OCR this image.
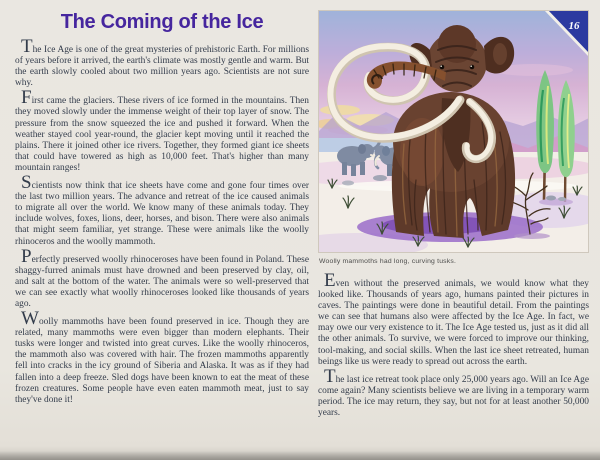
The Coming of the Ice

The Ice Age is one of the great mysteries of prehistoric Earth. For millions of years before it arrived, the earth's climate was mostly gentle and warm. But the earth slowly cooled about two million years ago. Scientists are not sure why.

First came the glaciers. These rivers of ice formed in the mountains. Then they moved slowly under the immense weight of their top layer of snow. The pressure from the snow squeezed the ice and pushed it forward. When the weather stayed cool year-round, the glacier kept moving until it reached the plains. There it joined other ice rivers. Together, they formed giant ice sheets that could have towered as high as 10,000 feet. That's higher than many mountain ranges!

Scientists now think that ice sheets have come and gone four times over the last two million years. The advance and retreat of the ice caused animals to migrate all over the world. We know many of these animals today. They include wolves, foxes, lions, deer, horses, and bison. There were also animals that might seem familiar, yet strange. These were animals like the woolly rhinoceros and the woolly mammoth.

Perfectly preserved woolly rhinoceroses have been found in Poland. These shaggy-furred animals must have drowned and been preserved by clay, oil, and salt at the bottom of the water. The animals were so well-preserved that we can see exactly what woolly rhinoceroses looked like thousands of years ago.

Woolly mammoths have been found preserved in ice. Though they are related, many mammoths were even bigger than modern elephants. Their tusks were longer and twisted into great curves. Like the woolly rhinoceros, the mammoth also was covered with hair. The frozen mammoths apparently fell into cracks in the icy ground of Siberia and Alaska. It was as if they had fallen into a deep freeze. Sled dogs have been known to eat the meat of these frozen creatures. Some people have even eaten mammoth meat, just to say they've done it!

16
Woolly mammoths had long, curving tusks.

Even without the preserved animals, we would know what they looked like. Thousands of years ago, humans painted their pictures in caves. The paintings were done in beautiful detail. From the paintings we can see that humans also were affected by the Ice Age. In fact, we may owe our very existence to it. The Ice Age tested us, just as it did all the other animals. To survive, we were forced to improve our thinking, tool-making, and social skills. When the last ice sheet retreated, human beings like us were ready to spread out across the earth.

The last ice retreat took place only 25,000 years ago. Will an Ice Age come again? Many scientists believe we are living in a temporary warm period. The ice may return, they say, but not for at least another 50,000 years.
